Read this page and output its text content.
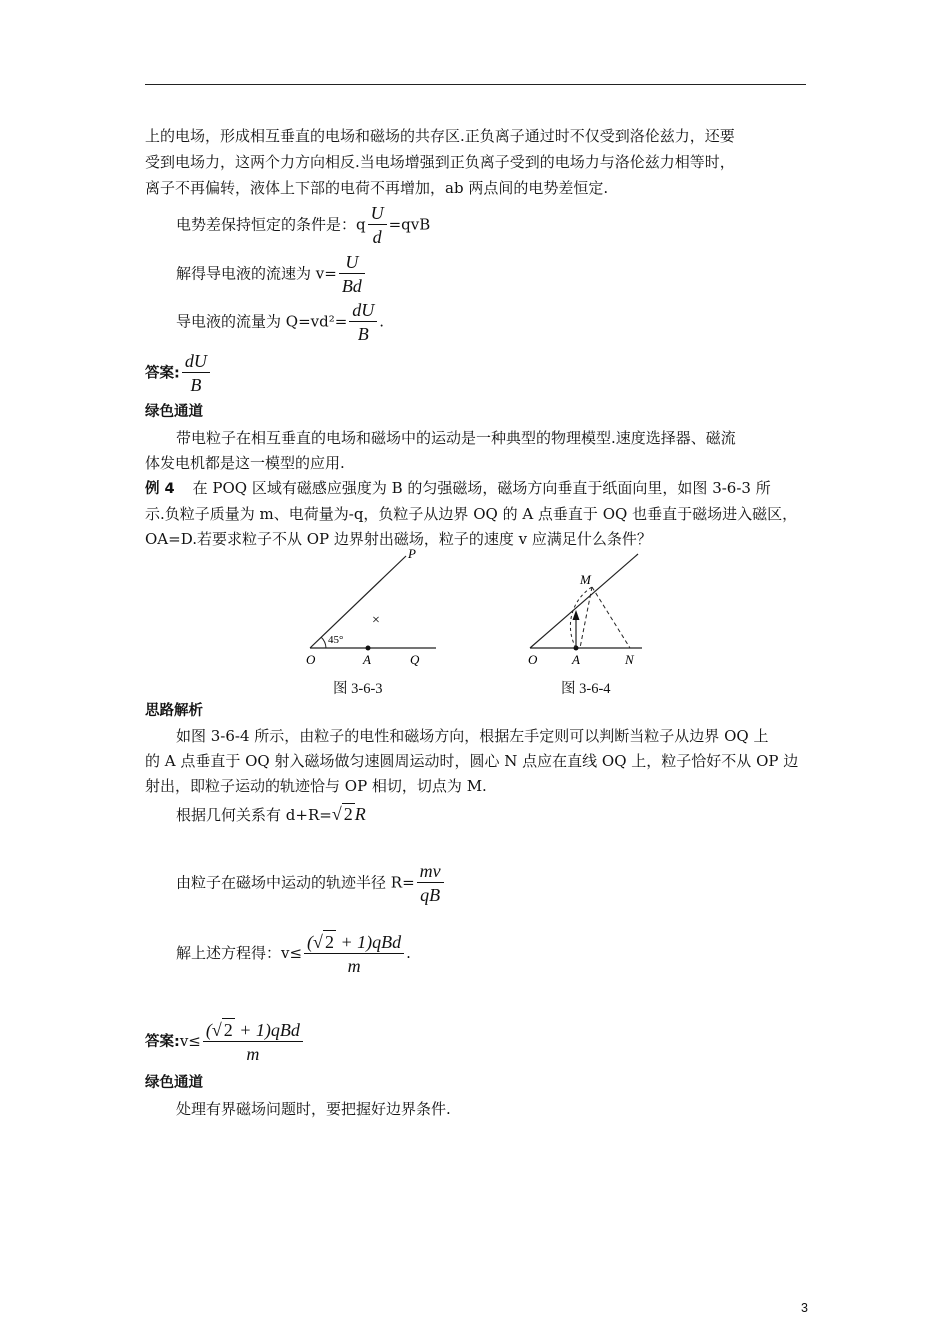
上的电场，形成相互垂直的电场和磁场的共存区.正负离子通过时不仅受到洛伦兹力，还要
受到电场力，这两个力方向相反.当电场增强到正负离子受到的电场力与洛伦兹力相等时，
离子不再偏转，液体上下部的电荷不再增加，ab 两点间的电势差恒定.
电势差保持恒定的条件是：q $\frac{U}{d} =qvB$
解得导电液的流速为 $v= \frac{U}{Bd}$
导电液的流量为 $Q=vd^2= \frac{dU}{B}$ .
答案: $\frac{dU}{B}$
绿色通道
带电粒子在相互垂直的电场和磁场中的运动是一种典型的物理模型.速度选择器、磁流
体发电机都是这一模型的应用.
例 4 在 POQ 区域有磁感应强度为 B 的匀强磁场，磁场方向垂直于纸面向里，如图 3-6-3 所
示.负粒子质量为 m、电荷量为-q，负粒子从边界 OQ 的 A 点垂直于 OQ 也垂直于磁场进入磁区，
OA=D.若要求粒子不从 OP 边界射出磁场，粒子的速度 v 应满足什么条件？
P
45°
×
O	A	Q
图 3-6-3
M
O	A	N
图 3-6-4
思路解析
如图 3-6-4 所示，由粒子的电性和磁场方向，根据左手定则可以判断当粒子从边界 OQ 上
的 A 点垂直于 OQ 射入磁场做匀速圆周运动时，圆心 N 点应在直线 OQ 上，粒子恰好不从 OP 边
射出，即粒子运动的轨迹恰与 OP 相切，切点为 M.
根据几何关系有 d+R=√ 2 R
由粒子在磁场中运动的轨迹半径 $R= \frac{mv}{qB}$
解上述方程得：$v\le \frac{\text{(√ 2 + 1)qBd}}{m}$ .
答案:v≤ $\frac{\text{(√ 2 + 1)qBd}}{m}$
绿色通道
处理有界磁场问题时，要把握好边界条件.
3
